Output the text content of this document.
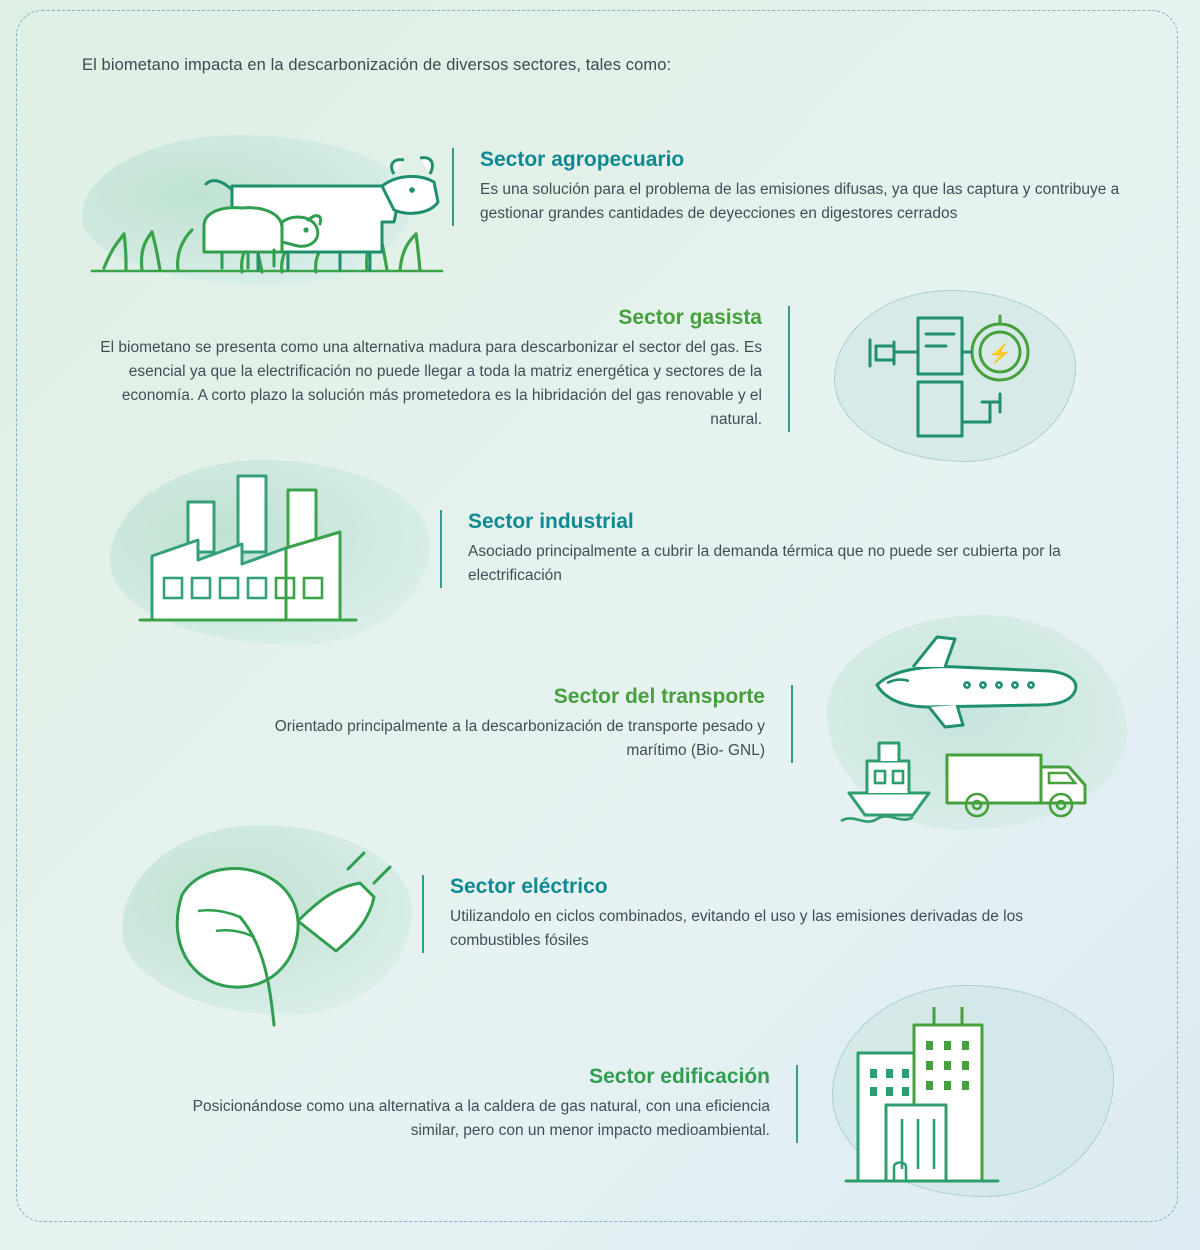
El biometano impacta en la descarbonización de diversos sectores, tales como:

Sector agropecuario

Es una solución para el problema de las emisiones difusas, ya que las captura y contribuye a gestionar grandes cantidades de deyecciones en digestores cerrados

Sector gasista

El biometano se presenta como una alternativa madura para descarbonizar el sector del gas. Es esencial ya que la electrificación no puede llegar a toda la matriz energética y sectores de la economía. A corto plazo la solución más prometedora es la hibridación del gas renovable y el natural.

⚡

Sector industrial

Asociado principalmente a cubrir la demanda térmica que no puede ser cubierta por la electrificación

Sector del transporte

Orientado principalmente a la descarbonización de transporte pesado y marítimo (Bio- GNL)

Sector eléctrico

Utilizandolo en ciclos combinados, evitando el uso y las emisiones derivadas de los combustibles fósiles

Sector edificación

Posicionándose como una alternativa a la caldera de gas natural, con una eficiencia similar, pero con un menor impacto medioambiental.
